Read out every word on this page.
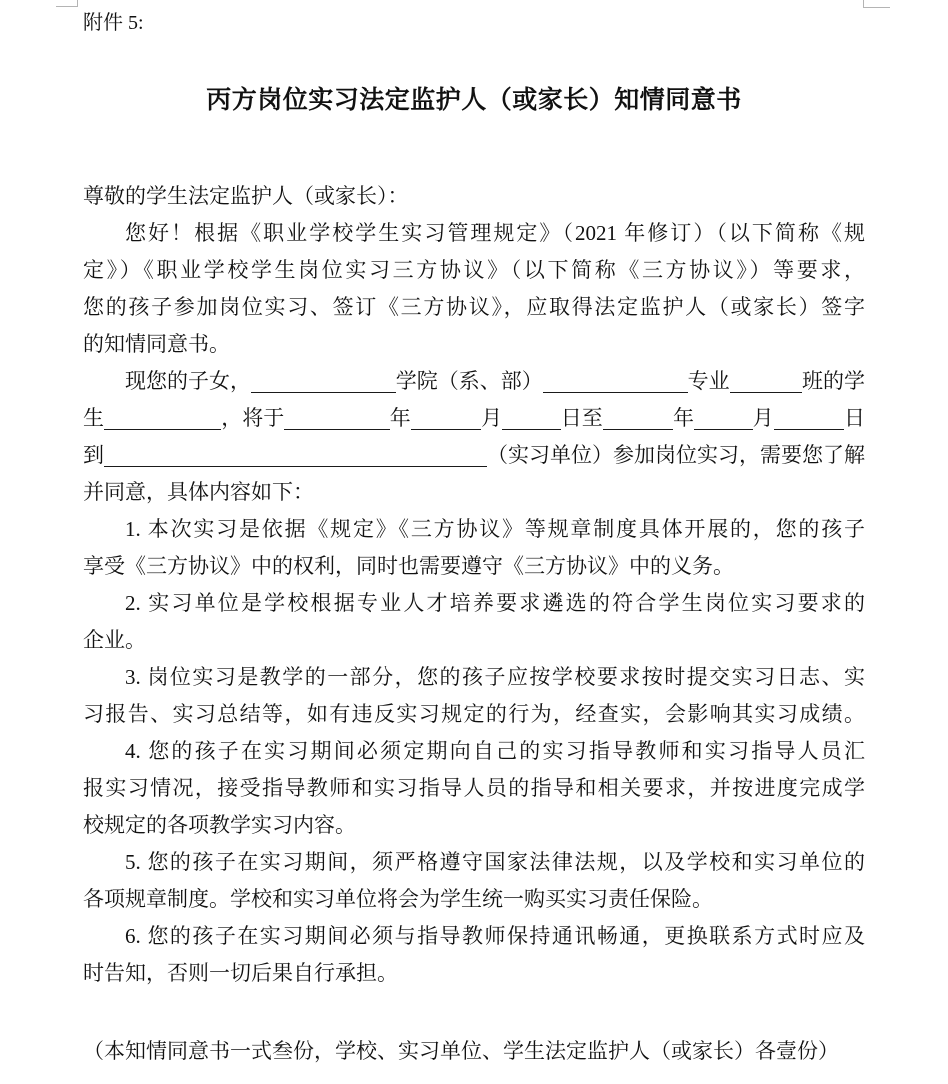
附件 5:
丙方岗位实习法定监护人（或家长）知情同意书
尊敬的学生法定监护人（或家长）：
您好！根据《职业学校学生实习管理规定》（2021 年修订）（以下简称《规
定》）《职业学校学生岗位实习三方协议》（以下简称《三方协议》）等要求，
您的孩子参加岗位实习、签订《三方协议》，应取得法定监护人（或家长）签字
的知情同意书。
现您的子女，	学院（系、部）	专业	班的学
生	，将于	年	月	日至	年	月	日
到	（实习单位）参加岗位实习，需要您了解
并同意，具体内容如下：
1. 本次实习是依据《规定》《三方协议》等规章制度具体开展的，您的孩子
享受《三方协议》中的权利，同时也需要遵守《三方协议》中的义务。
2. 实习单位是学校根据专业人才培养要求遴选的符合学生岗位实习要求的
企业。
3. 岗位实习是教学的一部分，您的孩子应按学校要求按时提交实习日志、实
习报告、实习总结等，如有违反实习规定的行为，经查实，会影响其实习成绩。
4. 您的孩子在实习期间必须定期向自己的实习指导教师和实习指导人员汇
报实习情况，接受指导教师和实习指导人员的指导和相关要求，并按进度完成学
校规定的各项教学实习内容。
5. 您的孩子在实习期间，须严格遵守国家法律法规，以及学校和实习单位的
各项规章制度。学校和实习单位将会为学生统一购买实习责任保险。
6. 您的孩子在实习期间必须与指导教师保持通讯畅通，更换联系方式时应及
时告知，否则一切后果自行承担。
（本知情同意书一式叁份，学校、实习单位、学生法定监护人（或家长）各壹份）
